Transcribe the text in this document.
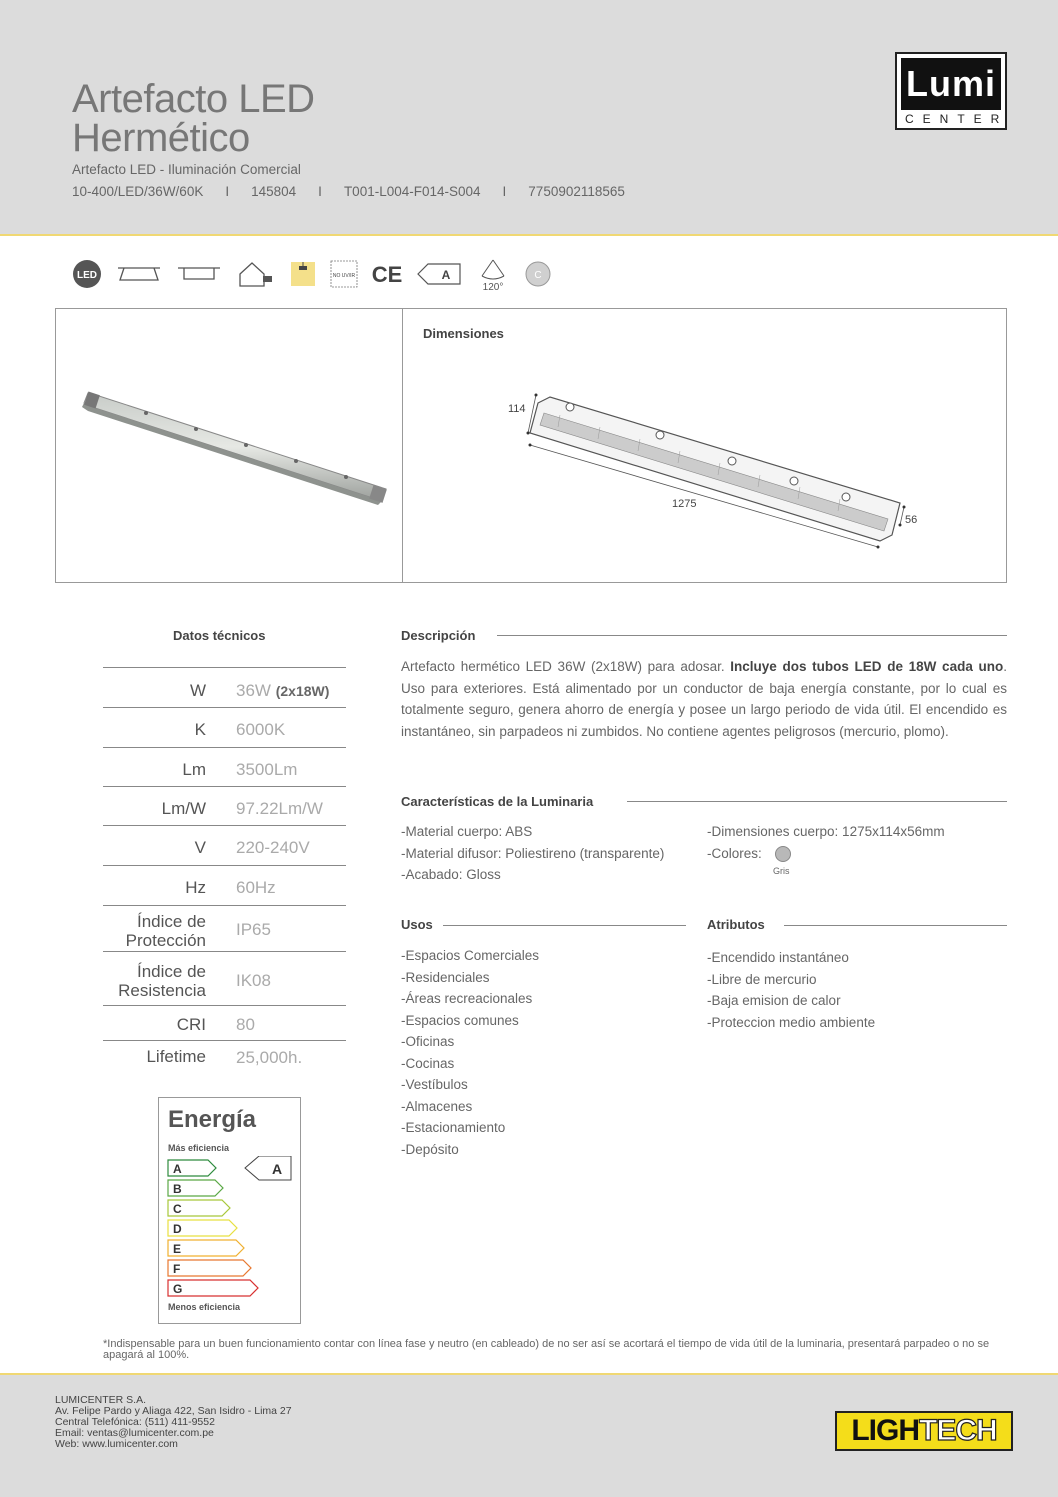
Artefacto LED
Hermético
Artefacto LED - Iluminación Comercial
10-400/LED/36W/60K I 145804 I T001-L004-F014-S004 I 7750902118565
Lumi
CENTER
LED	NO UV/IR CE	A
120°
C
Dimensiones
114
1275
56
Datos técnicos
W 36W (2x18W)
K 6000K
Lm 3500Lm
Lm/W 97.22Lm/W
V 220-240V
Hz 60Hz
Índice de
Protección
IP65
Índice de
Resistencia
IK08
CRI 80
Lifetime 25,000h.
Descripción
Artefacto hermético LED 36W (2x18W) para adosar. Incluye dos tubos LED de 18W cada uno. Uso para exteriores. Está alimentado por un conductor de baja energía constante, por lo cual es totalmente seguro, genera ahorro de energía y posee un largo periodo de vida útil. El encendido es instantáneo, sin parpadeos ni zumbidos. No contiene agentes peligrosos (mercurio, plomo).
Características de la Luminaria
-Material cuerpo: ABS
-Material difusor: Poliestireno (transparente)
-Acabado: Gloss
-Dimensiones cuerpo: 1275x114x56mm
-Colores:
Gris
Usos
-Espacios Comerciales
-Residenciales
-Áreas recreacionales
-Espacios comunes
-Oficinas
-Cocinas
-Vestíbulos
-Almacenes
-Estacionamiento
-Depósito
Atributos
-Encendido instantáneo
-Libre de mercurio
-Baja emision de calor
-Proteccion medio ambiente
Energía
Más eficiencia
A
B
C
D
E
F
G
A
Menos eficiencia
*Indispensable para un buen funcionamiento contar con línea fase y neutro (en cableado) de no ser así se acortará el tiempo de vida útil de la luminaria, presentará parpadeo o no se apagará al 100%.
LUMICENTER S.A.
Av. Felipe Pardo y Aliaga 422, San Isidro - Lima 27
Central Telefónica: (511) 411-9552
Email: ventas@lumicenter.com.pe
Web: www.lumicenter.com	LIGHTECH
